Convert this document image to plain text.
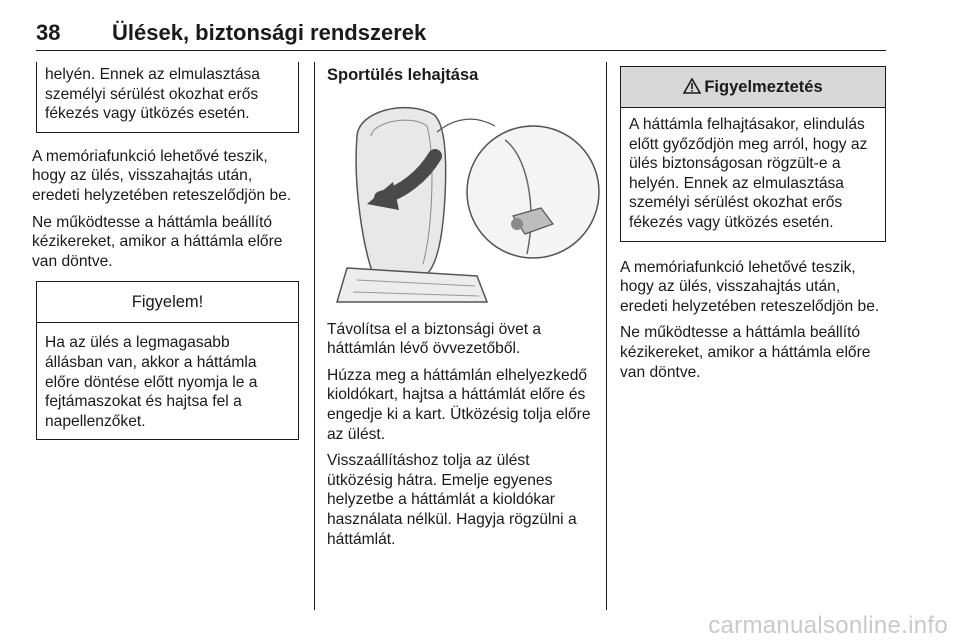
38 Ülések, biztonsági rendszerek
helyén. Ennek az elmulasztása személyi sérülést okozhat erős fékezés vagy ütközés esetén.

A memóriafunkció lehetővé teszik, hogy az ülés, visszahajtás után, eredeti helyzetében reteszelődjön be.

Ne működtesse a háttámla beállító kézikereket, amikor a háttámla előre van döntve.

Figyelem!
Ha az ülés a legmagasabb állásban van, akkor a háttámla előre döntése előtt nyomja le a fejtámaszokat és hajtsa fel a napellenzőket.
Sportülés lehajtása

Távolítsa el a biztonsági övet a háttámlán lévő övvezetőből.

Húzza meg a háttámlán elhelyezkedő kioldókart, hajtsa a háttámlát előre és engedje ki a kart. Ütközésig tolja előre az ülést.

Visszaállításhoz tolja az ülést ütközésig hátra. Emelje egyenes helyzetbe a háttámlát a kioldókar használata nélkül. Hagyja rögzülni a háttámlát.

Figyelmeztetés
A háttámla felhajtásakor, elindulás előtt győződjön meg arról, hogy az ülés biztonságosan rögzült-e a helyén. Ennek az elmulasztása személyi sérülést okozhat erős fékezés vagy ütközés esetén.

A memóriafunkció lehetővé teszik, hogy az ülés, visszahajtás után, eredeti helyzetében reteszelődjön be.

Ne működtesse a háttámla beállító kézikereket, amikor a háttámla előre van döntve.

carmanualsonline.info
